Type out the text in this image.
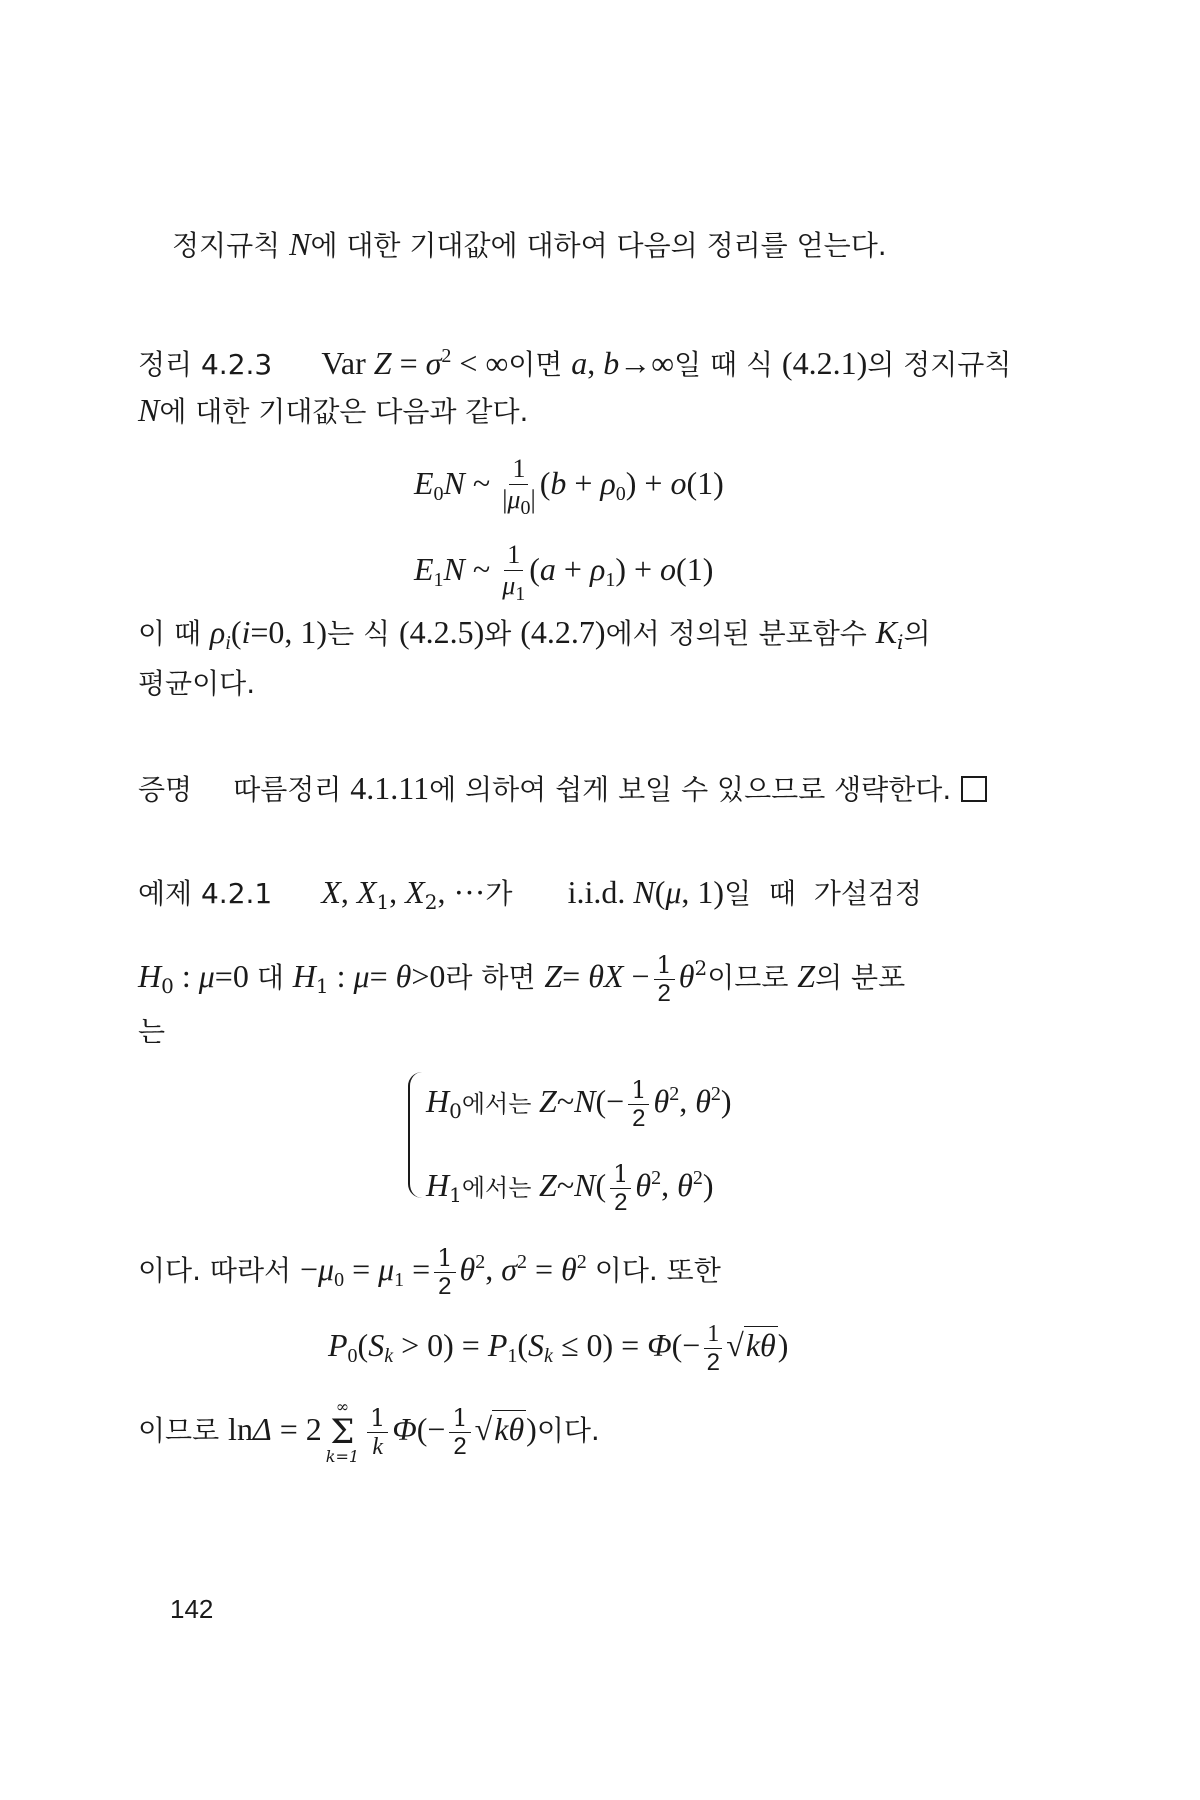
정지규칙 N에 대한 기대값에 대하여 다음의 정리를 얻는다.
정리 4.2.3 Var $Z = \sigma^2$ < ∞이면 a, b→∞일 때 식 (4.2.1)의 정지규칙
N에 대한 기대값은 다음과 같다.
$E_0N$ ~ $\frac{1}{|\mu_0|} (b + \rho_0) + o(1)$
$E_1N$ ~ $\frac{1}{\mu_1} (a + \rho_1) + o(1)$
이 때 ρi(i=0, 1)는 식 (4.2.5)와 (4.2.7)에서 정의된 분포함수 $K_i$의
평균이다.
증명 따름정리 4.1.11에 의하여 쉽게 보일 수 있으므로 생략한다.
예제 4.2.1 X, $X_1$, $X_2$, ···가 i.i.d. N(μ, 1)일  때  가설검정
$H_0$ : μ=0 대 $H_1$ : μ= θ>0라 하면 $Z= \theta X - \frac{1}{2} \theta^2$이므로 Z의 분포
는
$H_0$에서는 Z~N(− $\frac{1}{2} \theta^2$, $\theta^2$)
$H_1$에서는 Z~N( $\frac{1}{2} \theta^2$, $\theta^2$)
이다. 따라서 $-\mu_0 = \mu_1 = \frac{1}{2} \theta^2$, $\sigma^2 = \theta^2$ 이다. 또한
$P_0(Sk > 0) = P_1(Sk \le 0) = \Phi(- \frac{1}{2} √k\theta)$
이므로 lnΔ = 2
∞
Σ
$k=1 \frac{1}{k} \Phi(- \frac{1}{2} √k\theta)$이다.
142
